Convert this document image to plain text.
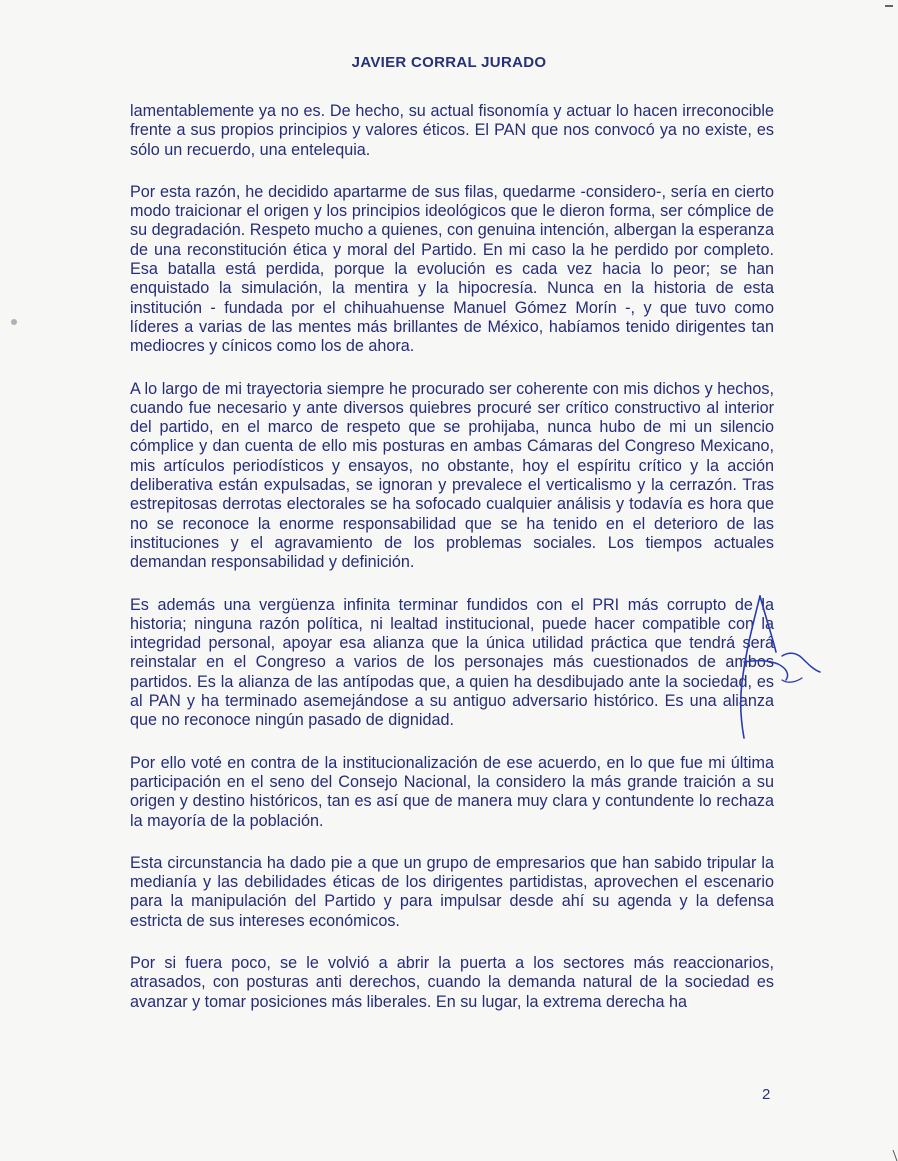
JAVIER CORRAL JURADO

lamentablemente ya no es. De hecho, su actual fisonomía y actuar lo hacen irreconocible frente a sus propios principios y valores éticos. El PAN que nos convocó ya no existe, es sólo un recuerdo, una entelequia.

Por esta razón, he decidido apartarme de sus filas, quedarme -considero-, sería en cierto modo traicionar el origen y los principios ideológicos que le dieron forma, ser cómplice de su degradación. Respeto mucho a quienes, con genuina intención, albergan la esperanza de una reconstitución ética y moral del Partido. En mi caso la he perdido por completo. Esa batalla está perdida, porque la evolución es cada vez hacia lo peor; se han enquistado la simulación, la mentira y la hipocresía. Nunca en la historia de esta institución - fundada por el chihuahuense Manuel Gómez Morín -, y que tuvo como líderes a varias de las mentes más brillantes de México, habíamos tenido dirigentes tan mediocres y cínicos como los de ahora.

A lo largo de mi trayectoria siempre he procurado ser coherente con mis dichos y hechos, cuando fue necesario y ante diversos quiebres procuré ser crítico constructivo al interior del partido, en el marco de respeto que se prohijaba, nunca hubo de mi un silencio cómplice y dan cuenta de ello mis posturas en ambas Cámaras del Congreso Mexicano, mis artículos periodísticos y ensayos, no obstante, hoy el espíritu crítico y la acción deliberativa están expulsadas, se ignoran y prevalece el verticalismo y la cerrazón. Tras estrepitosas derrotas electorales se ha sofocado cualquier análisis y todavía es hora que no se reconoce la enorme responsabilidad que se ha tenido en el deterioro de las instituciones y el agravamiento de los problemas sociales. Los tiempos actuales demandan responsabilidad y definición.

Es además una vergüenza infinita terminar fundidos con el PRI más corrupto de la historia; ninguna razón política, ni lealtad institucional, puede hacer compatible con la integridad personal, apoyar esa alianza que la única utilidad práctica que tendrá será reinstalar en el Congreso a varios de los personajes más cuestionados de ambos partidos. Es la alianza de las antípodas que, a quien ha desdibujado ante la sociedad, es al PAN y ha terminado asemejándose a su antiguo adversario histórico. Es una alianza que no reconoce ningún pasado de dignidad.

Por ello voté en contra de la institucionalización de ese acuerdo, en lo que fue mi última participación en el seno del Consejo Nacional, la considero la más grande traición a su origen y destino históricos, tan es así que de manera muy clara y contundente lo rechaza la mayoría de la población.

Esta circunstancia ha dado pie a que un grupo de empresarios que han sabido tripular la medianía y las debilidades éticas de los dirigentes partidistas, aprovechen el escenario para la manipulación del Partido y para impulsar desde ahí su agenda y la defensa estricta de sus intereses económicos.

Por si fuera poco, se le volvió a abrir la puerta a los sectores más reaccionarios, atrasados, con posturas anti derechos, cuando la demanda natural de la sociedad es avanzar y tomar posiciones más liberales. En su lugar, la extrema derecha ha

2
